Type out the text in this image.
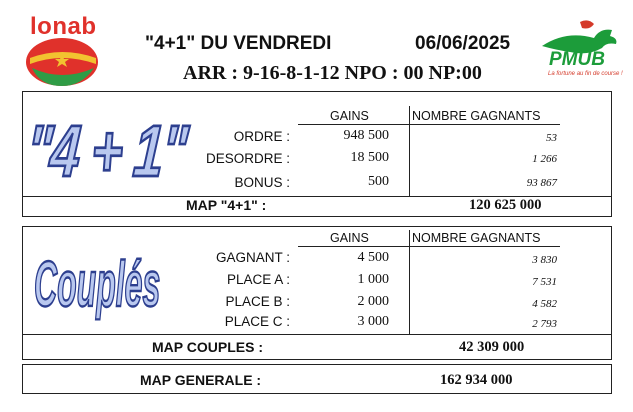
lonab
PMUB
La fortune au fin de course !
"4+1" DU VENDREDI	06/06/2025
ARR : 9-16-8-1-12 NPO : 00 NP:00
"4 + 1"	GAINS	NOMBRE GAGNANTS
ORDRE :	948 500	53
DESORDRE :	18 500	1 266
BONUS :	500	93 867
MAP "4+1" :	120 625 000
Couplés
GAINS	NOMBRE GAGNANTS
GAGNANT :	4 500	3 830
PLACE A :	1 000	7 531
PLACE B :	2 000	4 582
PLACE C :	3 000	2 793
MAP COUPLES :	42 309 000
MAP GENERALE :	162 934 000
